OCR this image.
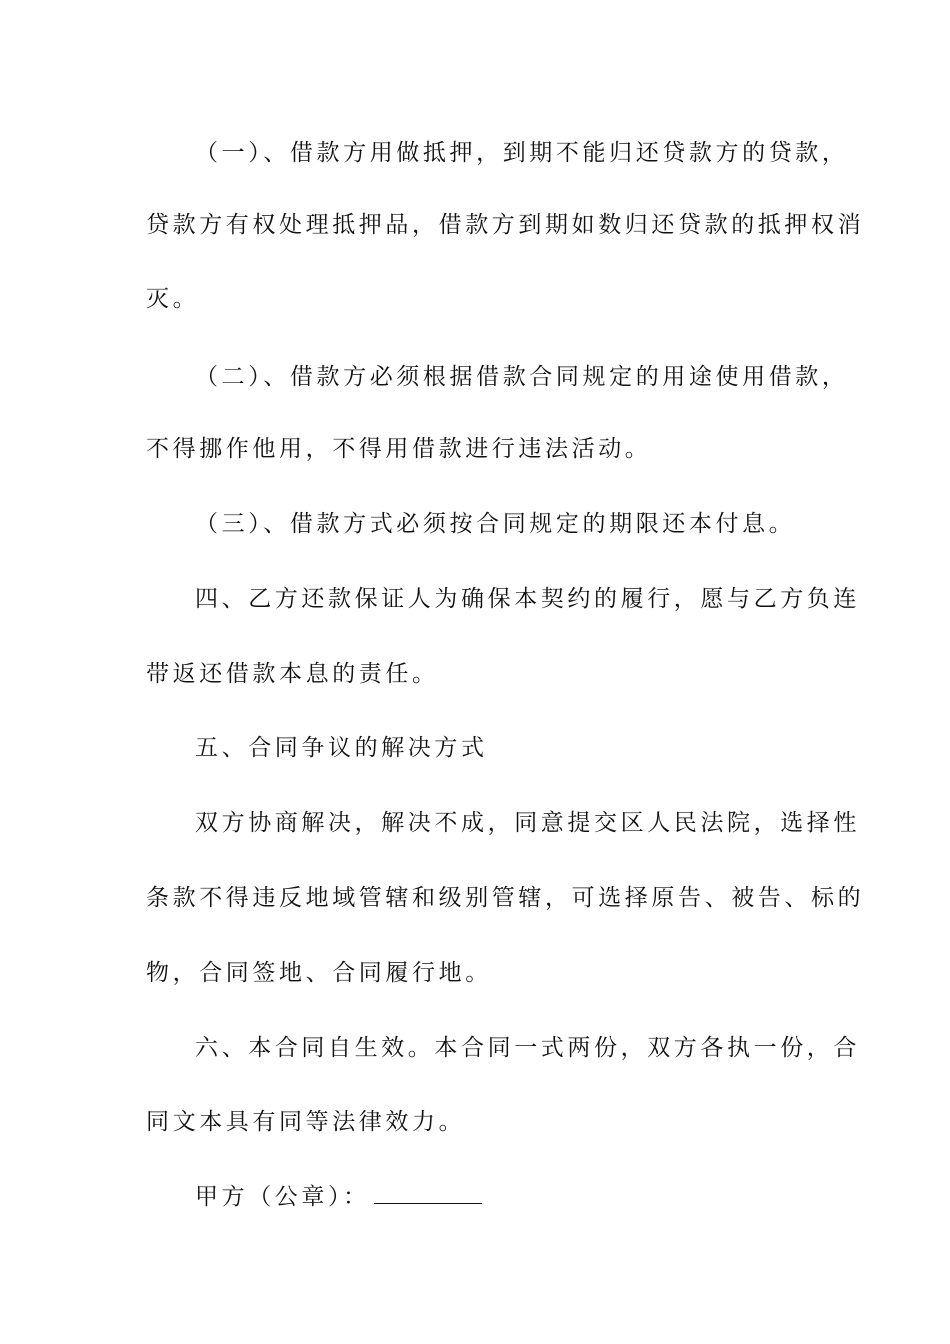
（一）、借款方用做抵押，到期不能归还贷款方的贷款，
贷款方有权处理抵押品，借款方到期如数归还贷款的抵押权消
灭。
（二）、借款方必须根据借款合同规定的用途使用借款，
不得挪作他用，不得用借款进行违法活动。
（三）、借款方式必须按合同规定的期限还本付息。
四、乙方还款保证人为确保本契约的履行，愿与乙方负连
带返还借款本息的责任。
五、合同争议的解决方式
双方协商解决，解决不成，同意提交区人民法院，选择性
条款不得违反地域管辖和级别管辖，可选择原告、被告、标的
物，合同签地、合同履行地。
六、本合同自生效。本合同一式两份，双方各执一份，合
同文本具有同等法律效力。
甲方（公章）：
